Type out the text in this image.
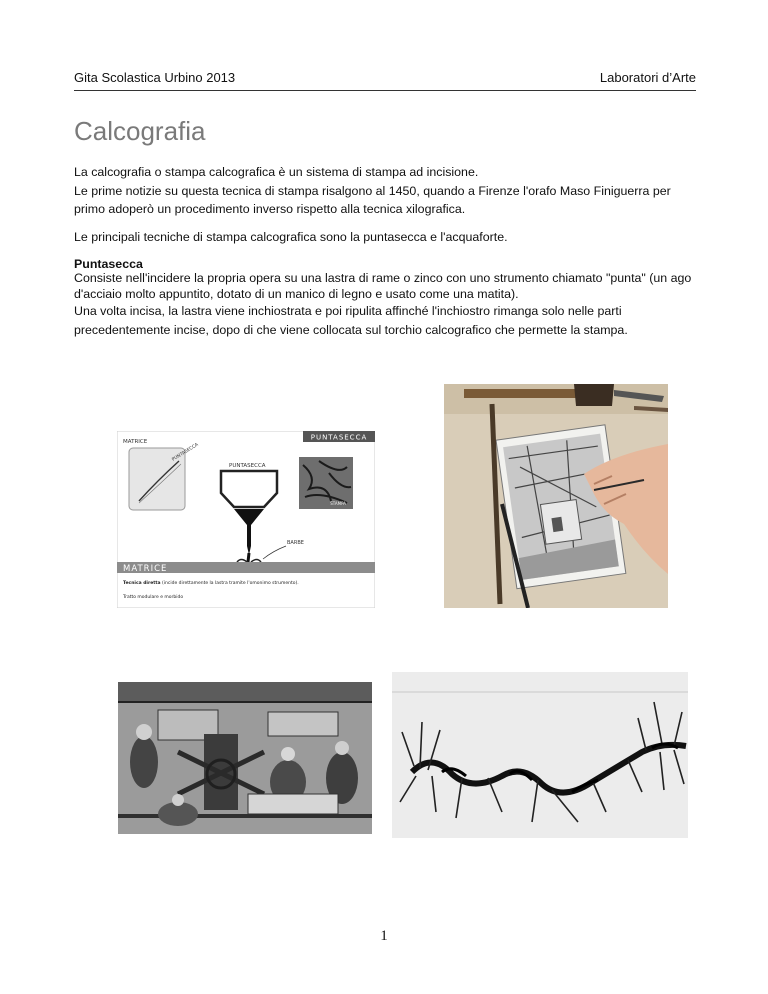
Gita Scolastica Urbino 2013	Laboratori d’Arte
Calcografia
La calcografia o stampa calcografica è un sistema di stampa ad incisione.
Le prime notizie su questa tecnica di stampa risalgono al 1450, quando a Firenze l'orafo Maso Finiguerra per primo adoperò un procedimento inverso rispetto alla tecnica xilografica.

Le principali tecniche di stampa calcografica sono la puntasecca e l'acquaforte.

Puntasecca

Consiste nell'incidere la propria opera su una lastra di rame o zinco con uno strumento chiamato "punta" (un ago d'acciaio molto appuntito, dotato di un manico di legno e usato come una matita).
Una volta incisa, la lastra viene inchiostrata e poi ripulita affinché l'inchiostro rimanga solo nelle parti precedentemente incise, dopo di che viene collocata sul torchio calcografico che permette la stampa.
PUNTASECCA
MATRICE
PUNTASECCA
PUNTASECCA
STAMPA
BARBE
MATRICE
Tecnica diretta (incide direttamente la lastra tramite l'omonimo strumento).
Tratto modulare e morbido
1
